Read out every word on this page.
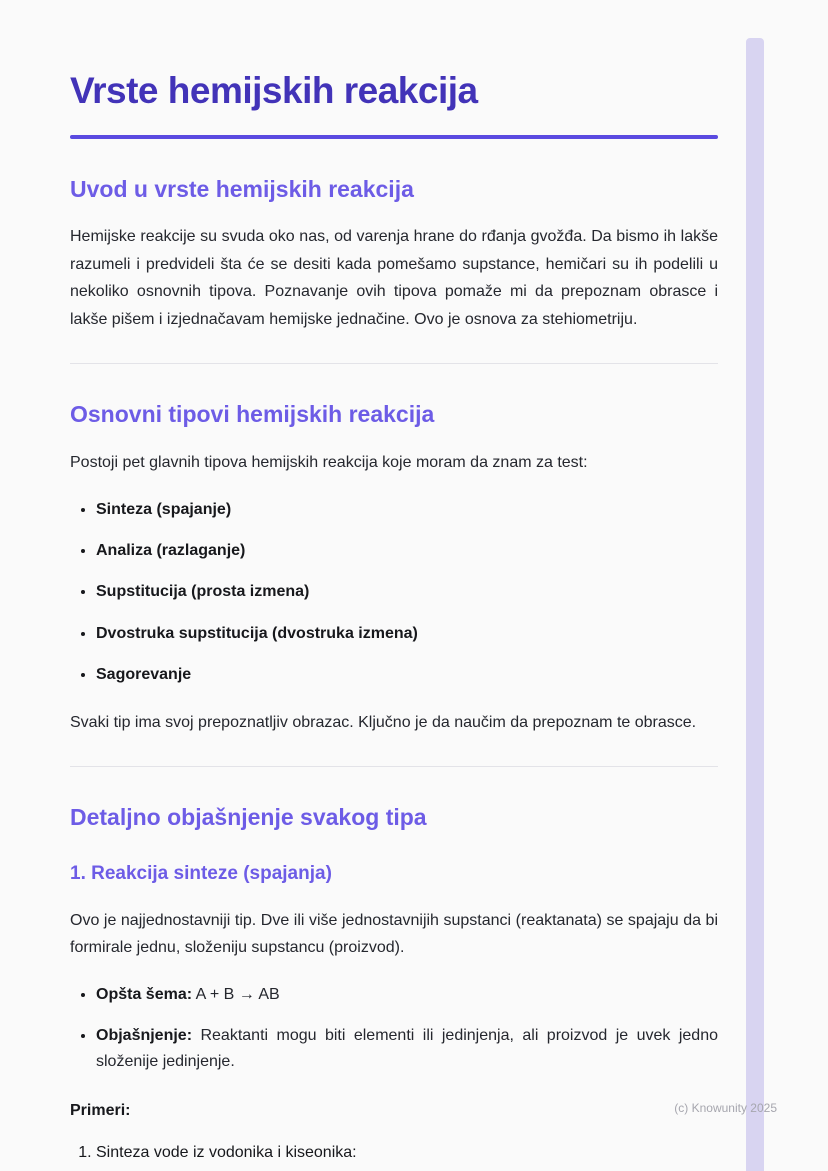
Vrste hemijskih reakcija
Uvod u vrste hemijskih reakcija

Hemijske reakcije su svuda oko nas, od varenja hrane do rđanja gvožđa. Da bismo ih lakše razumeli i predvideli šta će se desiti kada pomešamo supstance, hemičari su ih podelili u nekoliko osnovnih tipova. Poznavanje ovih tipova pomaže mi da prepoznam obrasce i lakše pišem i izjednačavam hemijske jednačine. Ovo je osnova za stehiometriju.

Osnovni tipovi hemijskih reakcija

Postoji pet glavnih tipova hemijskih reakcija koje moram da znam za test:

• Sinteza (spajanje)
• Analiza (razlaganje)
• Supstitucija (prosta izmena)
• Dvostruka supstitucija (dvostruka izmena)
• Sagorevanje

Svaki tip ima svoj prepoznatljiv obrazac. Ključno je da naučim da prepoznam te obrasce.

Detaljno objašnjenje svakog tipa
1. Reakcija sinteze (spajanja)

Ovo je najjednostavniji tip. Dve ili više jednostavnijih supstanci (reaktanata) se spajaju da bi formirale jednu, složeniju supstancu (proizvod).

• Opšta šema: A + B → AB
• Objašnjenje: Reaktanti mogu biti elementi ili jedinjenja, ali proizvod je uvek jedno složenije jedinjenje.

Primeri:

1. Sinteza vode iz vodonika i kiseonika:
(c) Knowunity 2025
